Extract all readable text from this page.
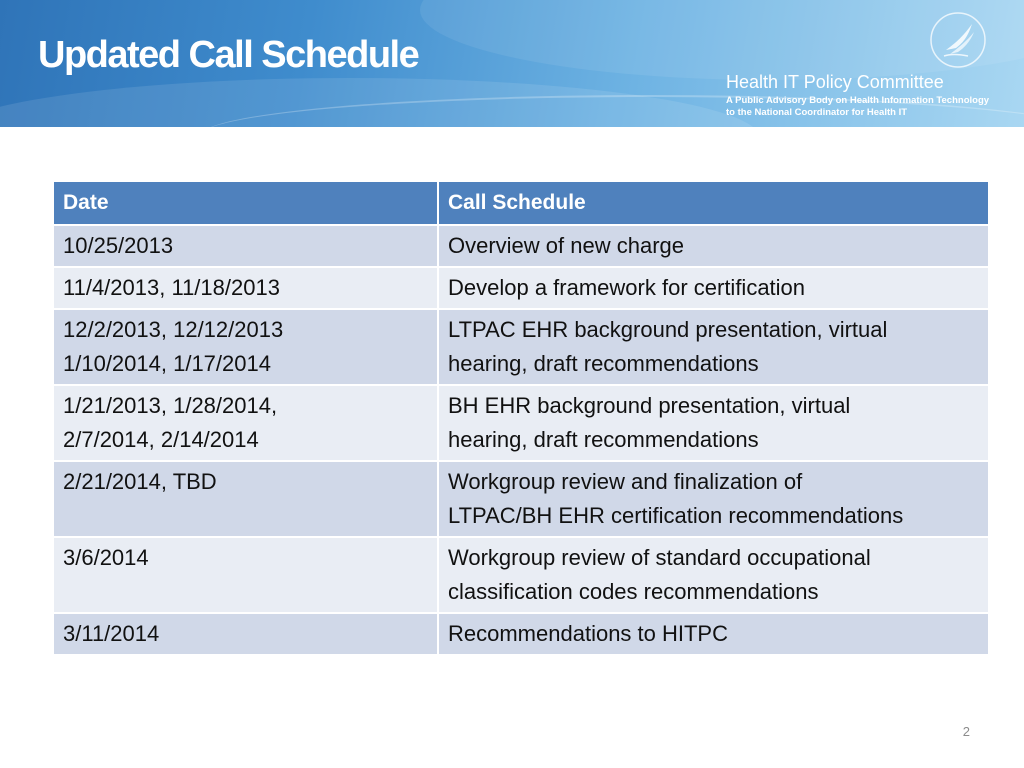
Updated Call Schedule
Health IT Policy Committee
A Public Advisory Body on Health Information Technology
to the National Coordinator for Health IT
Date	Call Schedule

10/25/2013	Overview of new charge

11/4/2013, 11/18/2013	Develop a framework for certification

12/2/2013, 12/12/2013
1/10/2014, 1/17/2014	LTPAC EHR background presentation, virtual
hearing, draft recommendations

1/21/2013, 1/28/2014,
2/7/2014, 2/14/2014	BH EHR background presentation, virtual
hearing, draft recommendations

2/21/2014, TBD	Workgroup review and finalization of
LTPAC/BH EHR certification recommendations

3/6/2014	Workgroup review of standard occupational
classification codes recommendations

3/11/2014	Recommendations to HITPC
2
